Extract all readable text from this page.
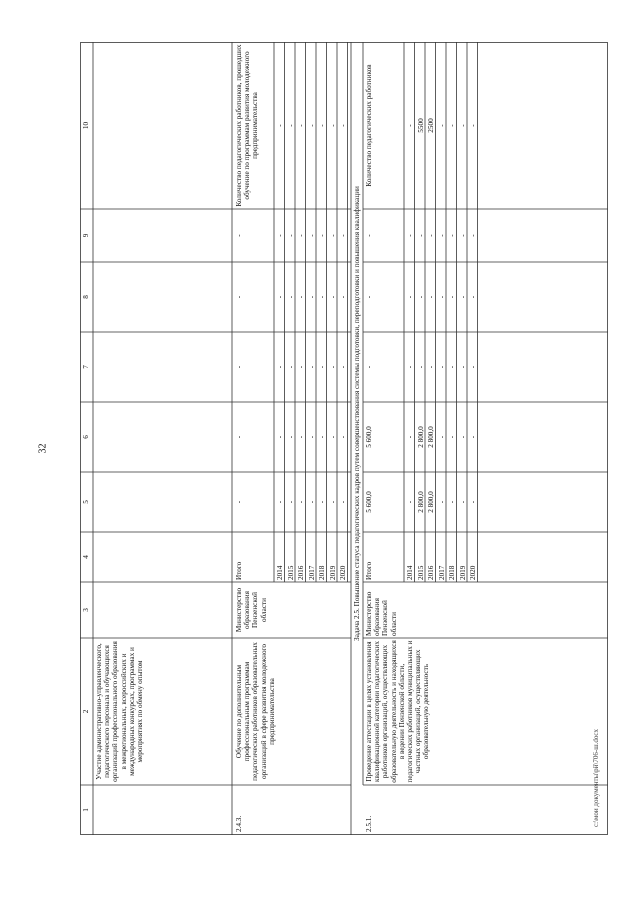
32
1
2
3
4
5
6
7
8
9
10
Участие административно-управленческого, педагогического персонала и обучающихся организаций профессионального образования в межрегиональных, всероссийских и международных конкурсах, программах и мероприятиях по обмену опытом
2.4.3.
Обучение по дополнительным профессиональным программам педагогических работников образовательных организаций в сфере развития молодежного предпринимательства
Министерство образования Пензенской области
Итого
-
-
-
-
-
Количество педагогических работников, прошедших обучение по программам развития молодежного предпринимательства
2014
-
-
-
-
-
-
2015
-
-
-
-
-
-
2016
-
-
-
-
-
-
2017
-
-
-
-
-
-
2018
-
-
-
-
-
-
2019
-
-
-
-
-
-
2020
-
-
-
-
-
-
Задача 2.5. Повышение статуса педагогических кадров путем совершенствования системы подготовки, переподготовки и повышения квалификации
2.5.1.
Проведение аттестации в целях установления квалификационной категории педагогических работников организаций, осуществляющих образовательную деятельность и находящихся в ведении Пензенской области, педагогических работников муниципальных и частных организаций, осуществляющих образовательную деятельность
Министерство образования Пензенской области
Итого
5 600,0
5 600,0
-
-
-
Количество педагогических работников
2014
-
-
-
-
-
-
2015
2 800,0
2 800,0
-
-
-
5500
2016
2 800,0
2 800,0
-
-
-
2500
2017
-
-
-
-
-
-
2018
-
-
-
-
-
-
2019
-
-
-
-
-
-
2020
-
-
-
-
-
-
c:\мои документы\рй\706-ш.docx
